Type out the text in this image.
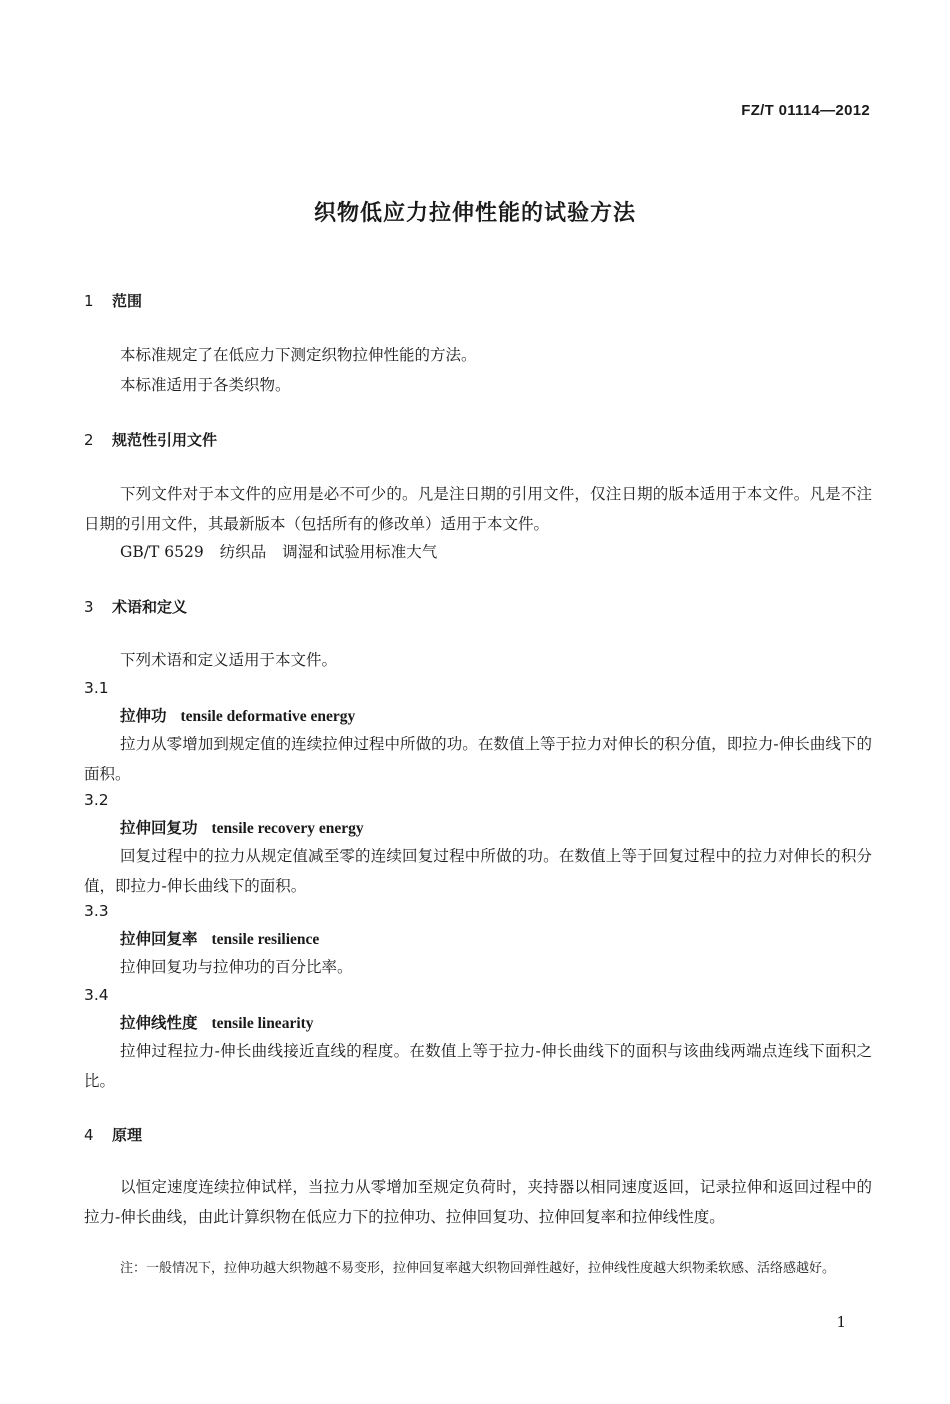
FZ/T 01114—2012
织物低应力拉伸性能的试验方法
1 范围
本标准规定了在低应力下测定织物拉伸性能的方法。
本标准适用于各类织物。
2 规范性引用文件
下列文件对于本文件的应用是必不可少的。凡是注日期的引用文件，仅注日期的版本适用于本文件。凡是不注日期的引用文件，其最新版本（包括所有的修改单）适用于本文件。
GB/T 6529 纺织品 调湿和试验用标准大气
3 术语和定义
下列术语和定义适用于本文件。
3.1
拉伸功 tensile deformative energy
拉力从零增加到规定值的连续拉伸过程中所做的功。在数值上等于拉力对伸长的积分值，即拉力-伸长曲线下的面积。
3.2
拉伸回复功 tensile recovery energy
回复过程中的拉力从规定值减至零的连续回复过程中所做的功。在数值上等于回复过程中的拉力对伸长的积分值，即拉力-伸长曲线下的面积。
3.3
拉伸回复率 tensile resilience
拉伸回复功与拉伸功的百分比率。
3.4
拉伸线性度 tensile linearity
拉伸过程拉力-伸长曲线接近直线的程度。在数值上等于拉力-伸长曲线下的面积与该曲线两端点连线下面积之比。
4 原理
以恒定速度连续拉伸试样，当拉力从零增加至规定负荷时，夹持器以相同速度返回，记录拉伸和返回过程中的拉力-伸长曲线，由此计算织物在低应力下的拉伸功、拉伸回复功、拉伸回复率和拉伸线性度。
注：一般情况下，拉伸功越大织物越不易变形，拉伸回复率越大织物回弹性越好，拉伸线性度越大织物柔软感、活络感越好。
1
